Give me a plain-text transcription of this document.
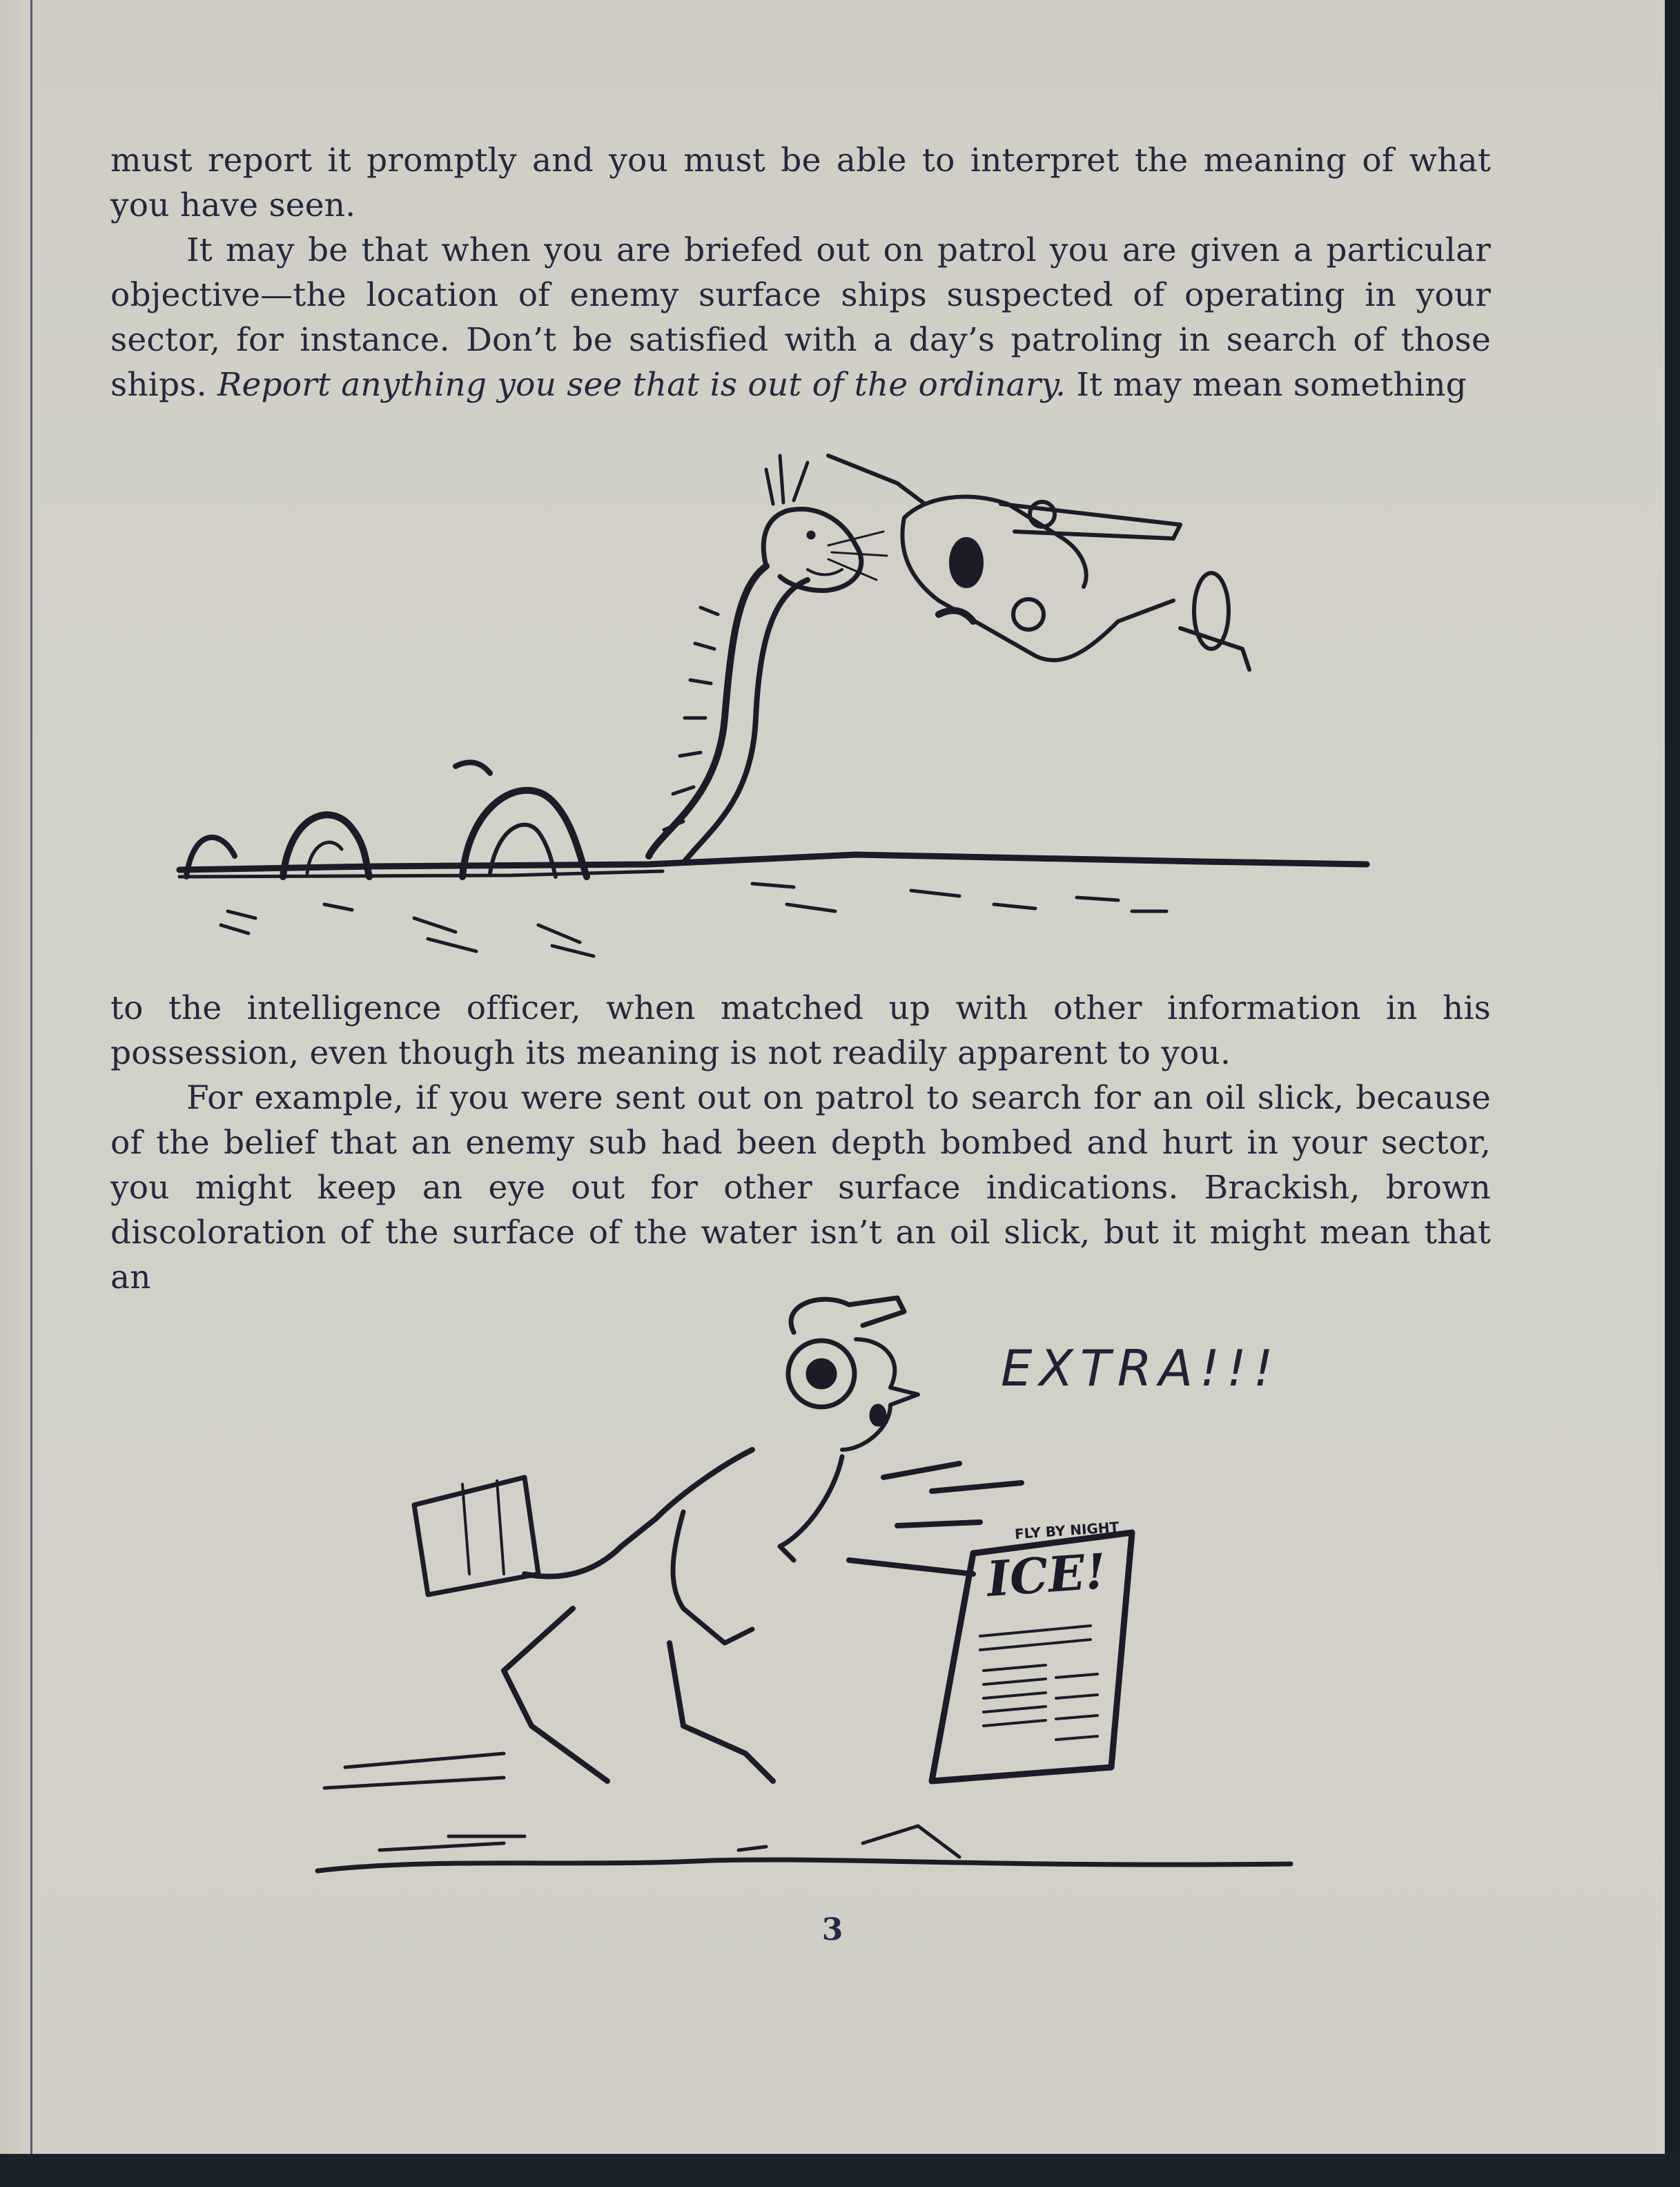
must report it promptly and you must be able to interpret the meaning of what you have seen.

It may be that when you are briefed out on patrol you are given a particular objective—the location of enemy surface ships suspected of operating in your sector, for instance. Don’t be satisfied with a day’s patroling in search of those ships. Report anything you see that is out of the ordinary. It may mean something

to the intelligence officer, when matched up with other information in his possession, even though its meaning is not readily apparent to you.

For example, if you were sent out on patrol to search for an oil slick, because of the belief that an enemy sub had been depth bombed and hurt in your sector, you might keep an eye out for other surface indications. Brackish, brown discoloration of the surface of the water isn’t an oil slick, but it might mean that an

EXTRA!!!
FLY BY NIGHT
ICE!
3
